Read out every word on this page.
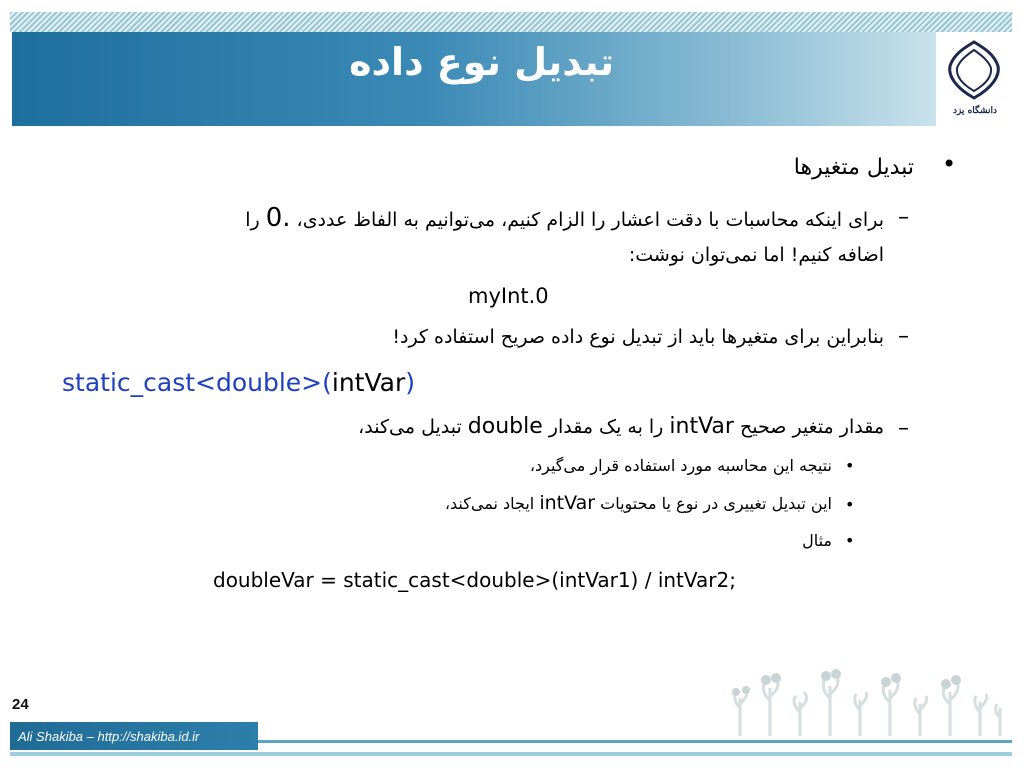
تبدیل نوع داده
دانشگاه یزد
•
تبدیل متغیرها
–
برای اینکه محاسبات با دقت اعشار را الزام کنیم، می‌توانیم به الفاظ عددی، .0 را
اضافه کنیم! اما نمی‌توان نوشت:
myInt.0
–
بنابراین برای متغیرها باید از تبدیل نوع داده صریح استفاده کرد!
static_cast<double>(intVar)
–
مقدار متغیر صحیح intVar را به یک مقدار double تبدیل می‌کند،
•
نتیجه این محاسبه مورد استفاده قرار می‌گیرد،
•
این تبدیل تغییری در نوع یا محتویات intVar ایجاد نمی‌کند،
•
مثال
doubleVar = static_cast<double>(intVar1) / intVar2;
24
Ali Shakiba – http://shakiba.id.ir
